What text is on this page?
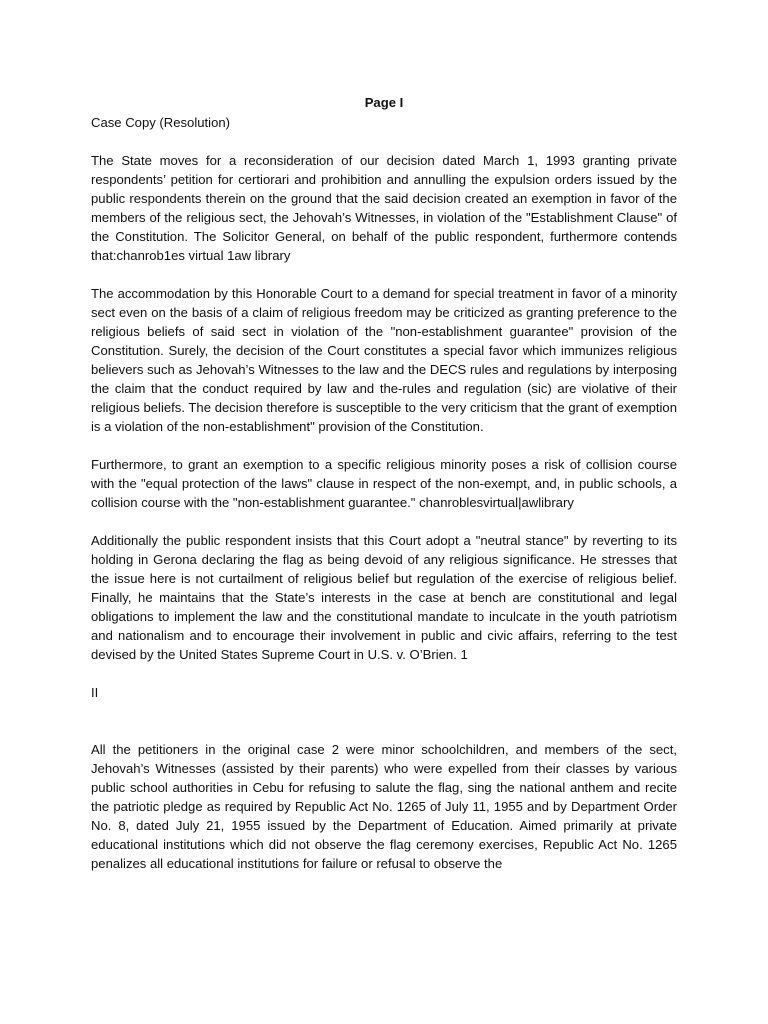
Page I
Case Copy (Resolution)

The State moves for a reconsideration of our decision dated March 1, 1993 granting private respondents’ petition for certiorari and prohibition and annulling the expulsion orders issued by the public respondents therein on the ground that the said decision created an exemption in favor of the members of the religious sect, the Jehovah’s Witnesses, in violation of the "Establishment Clause" of the Constitution. The Solicitor General, on behalf of the public respondent, furthermore contends that:chanrob1es virtual 1aw library

The accommodation by this Honorable Court to a demand for special treatment in favor of a minority sect even on the basis of a claim of religious freedom may be criticized as granting preference to the religious beliefs of said sect in violation of the "non-establishment guarantee" provision of the Constitution. Surely, the decision of the Court constitutes a special favor which immunizes religious believers such as Jehovah’s Witnesses to the law and the DECS rules and regulations by interposing the claim that the conduct required by law and the-rules and regulation (sic) are violative of their religious beliefs. The decision therefore is susceptible to the very criticism that the grant of exemption is a violation of the non-establishment" provision of the Constitution.

Furthermore, to grant an exemption to a specific religious minority poses a risk of collision course with the "equal protection of the laws" clause in respect of the non-exempt, and, in public schools, a collision course with the "non-establishment guarantee." chanroblesvirtual|awlibrary

Additionally the public respondent insists that this Court adopt a "neutral stance" by reverting to its holding in Gerona declaring the flag as being devoid of any religious significance. He stresses that the issue here is not curtailment of religious belief but regulation of the exercise of religious belief. Finally, he maintains that the State’s interests in the case at bench are constitutional and legal obligations to implement the law and the constitutional mandate to inculcate in the youth patriotism and nationalism and to encourage their involvement in public and civic affairs, referring to the test devised by the United States Supreme Court in U.S. v. O’Brien. 1

II

All the petitioners in the original case 2 were minor schoolchildren, and members of the sect, Jehovah’s Witnesses (assisted by their parents) who were expelled from their classes by various public school authorities in Cebu for refusing to salute the flag, sing the national anthem and recite the patriotic pledge as required by Republic Act No. 1265 of July 11, 1955 and by Department Order No. 8, dated July 21, 1955 issued by the Department of Education. Aimed primarily at private educational institutions which did not observe the flag ceremony exercises, Republic Act No. 1265 penalizes all educational institutions for failure or refusal to observe the
